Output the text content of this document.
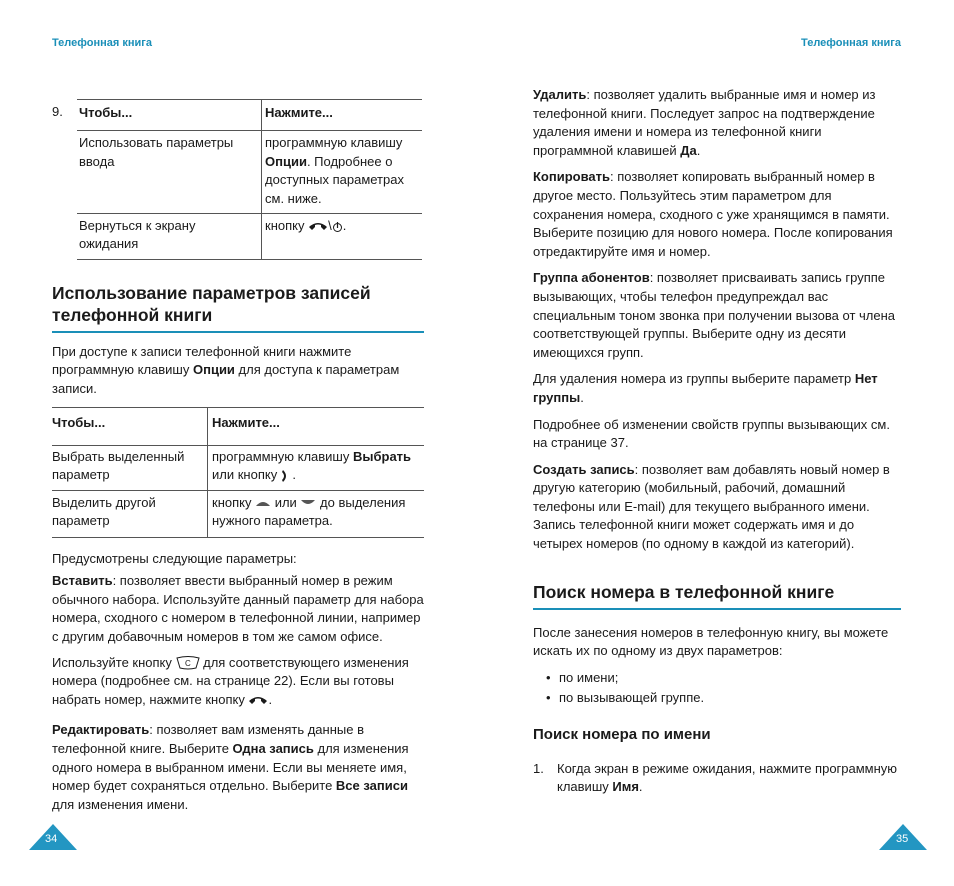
Телефонная книга	Телефонная книга
9. Чтобы...	Нажмите...
Использовать параметры ввода	программную клавишу Опции. Подробнее о доступных параметрах см. ниже.
Вернуться к экрану ожидания	кнопку \ .
Использование параметров записей телефонной книги

При доступе к записи телефонной книги нажмите программную клавишу Опции для доступа к параметрам записи.

Чтобы...	Нажмите...
Выбрать выделенный параметр	программную клавишу Выбрать или кнопку  .
Выделить другой параметр	кнопку  или  до выделения нужного параметра.

Предусмотрены следующие параметры:

Вставить: позволяет ввести выбранный номер в режим обычного набора. Используйте данный параметр для набора номера, сходного с номером в телефонной линии, например с другим добавочным номеров в том же самом офисе.

Используйте кнопку C для соответствующего изменения номера (подробнее см. на странице 22). Если вы готовы набрать номер, нажмите кнопку .

Редактировать: позволяет вам изменять данные в телефонной книге. Выберите Одна запись для изменения одного номера в выбранном имени. Если вы меняете имя, номер будет сохраняться отдельно. Выберите Все записи для изменения имени.

Удалить: позволяет удалить выбранные имя и номер из телефонной книги. Последует запрос на подтверждение удаления имени и номера из телефонной книги программной клавишей Да.

Копировать: позволяет копировать выбранный номер в другое место. Пользуйтесь этим параметром для сохранения номера, сходного с уже хранящимся в памяти. Выберите позицию для нового номера. После копирования отредактируйте имя и номер.

Группа абонентов: позволяет присваивать запись группе вызывающих, чтобы телефон предупреждал вас специальным тоном звонка при получении вызова от члена соответствующей группы. Выберите одну из десяти имеющихся групп.

Для удаления номера из группы выберите параметр Нет группы.

Подробнее об изменении свойств группы вызывающих см. на странице 37.

Создать запись: позволяет вам добавлять новый номер в другую категорию (мобильный, рабочий, домашний телефоны или E-mail) для текущего выбранного имени. Запись телефонной книги может содержать имя и до четырех номеров (по одному в каждой из категорий).

Поиск номера в телефонной книге

После занесения номеров в телефонную книгу, вы можете искать их по одному из двух параметров:

• по имени;
• по вызывающей группе.
Поиск номера по имени
1. Когда экран в режиме ожидания, нажмите программную клавишу Имя.
34	35
